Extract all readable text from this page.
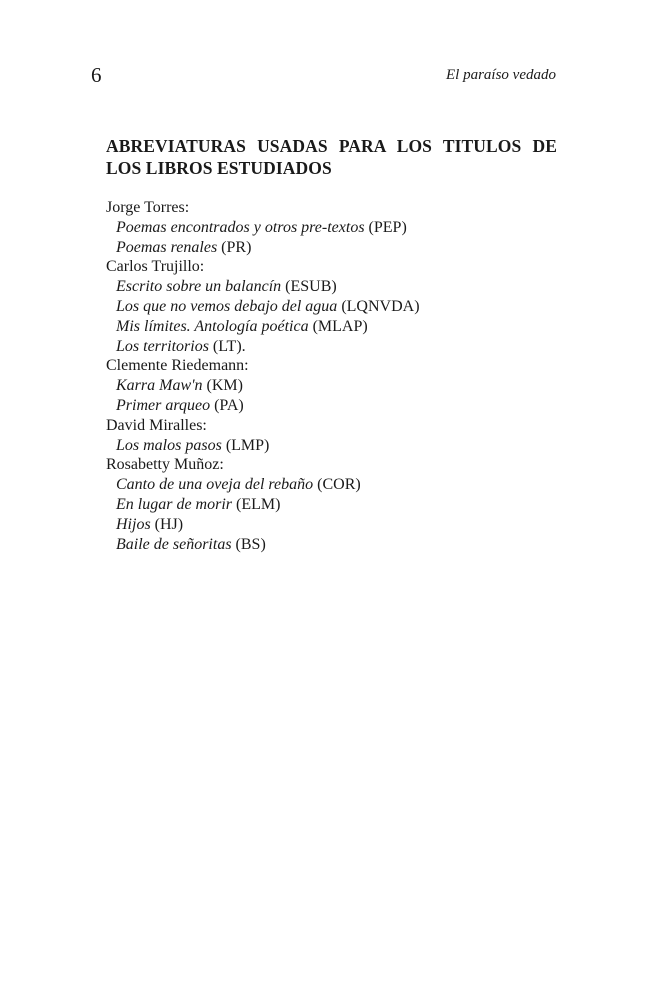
6	El paraíso vedado
ABREVIATURAS USADAS PARA LOS TITULOS DE LOS LIBROS ESTUDIADOS
Jorge Torres:
Poemas encontrados y otros pre-textos (PEP)
Poemas renales (PR)
Carlos Trujillo:
Escrito sobre un balancín (ESUB)
Los que no vemos debajo del agua (LQNVDA)
Mis límites. Antología poética (MLAP)
Los territorios (LT).
Clemente Riedemann:
Karra Maw'n (KM)
Primer arqueo (PA)
David Miralles:
Los malos pasos (LMP)
Rosabetty Muñoz:
Canto de una oveja del rebaño (COR)
En lugar de morir (ELM)
Hijos (HJ)
Baile de señoritas (BS)
